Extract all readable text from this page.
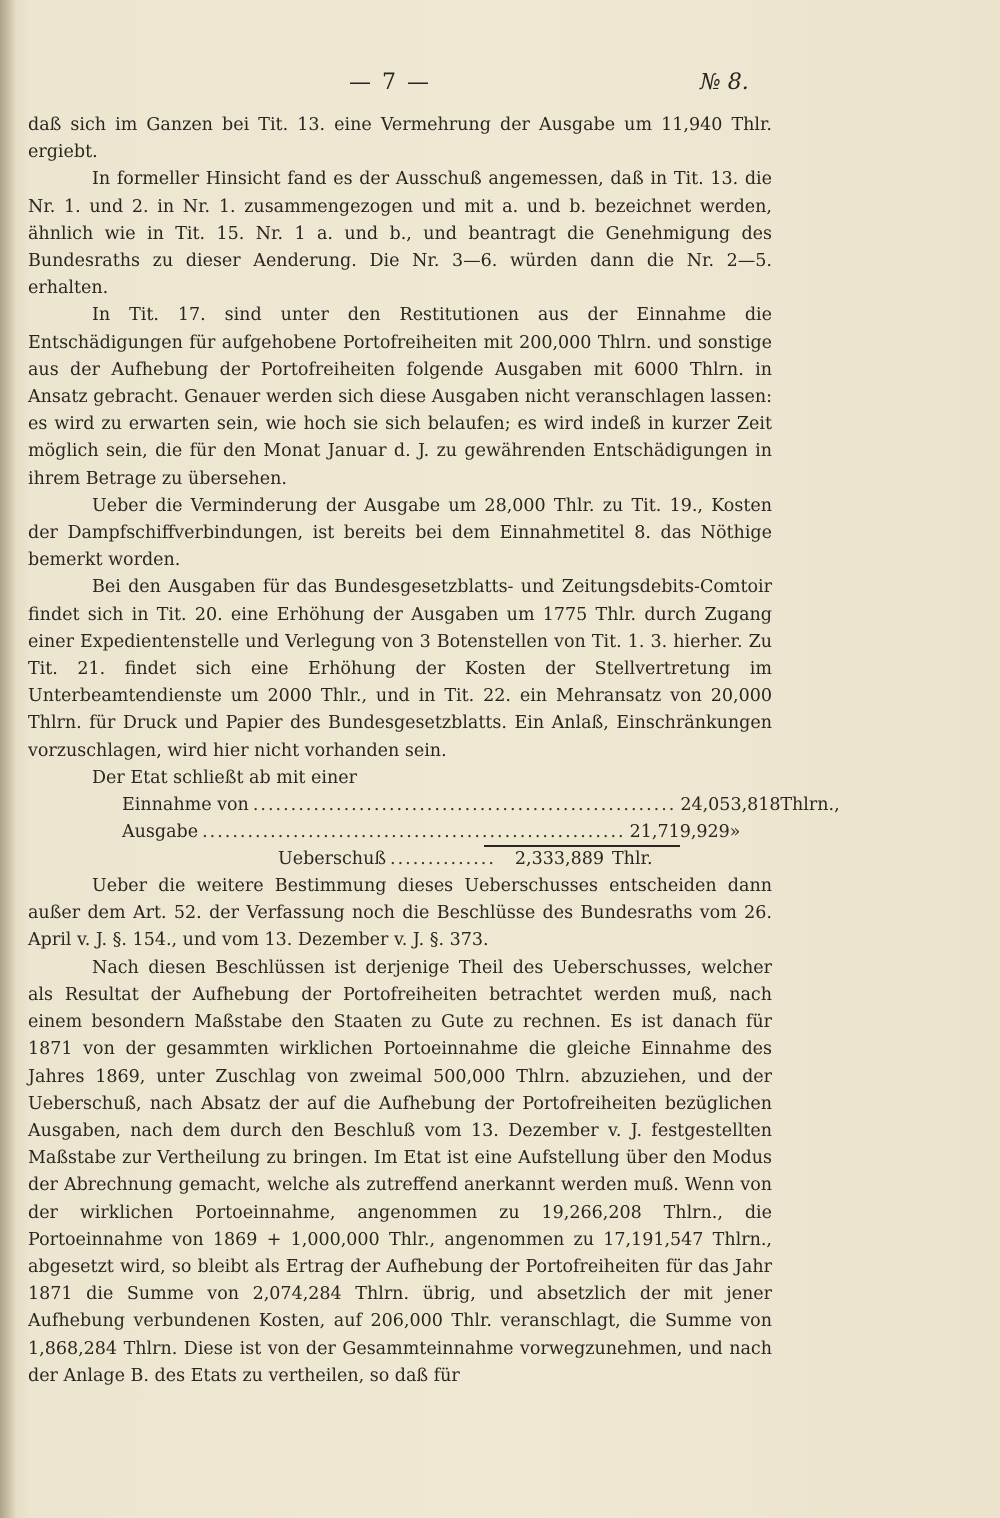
— 7 —	№ 8.

daß sich im Ganzen bei Tit. 13. eine Vermehrung der Ausgabe um 11,940 Thlr. ergiebt.

In formeller Hinsicht fand es der Ausschuß angemessen, daß in Tit. 13. die Nr. 1. und 2. in Nr. 1. zusammengezogen und mit a. und b. bezeichnet werden, ähnlich wie in Tit. 15. Nr. 1 a. und b., und beantragt die Genehmigung des Bundesraths zu dieser Aenderung. Die Nr. 3—6. würden dann die Nr. 2—5. erhalten.

In Tit. 17. sind unter den Restitutionen aus der Einnahme die Entschädigungen für aufgehobene Portofreiheiten mit 200,000 Thlrn. und sonstige aus der Aufhebung der Portofreiheiten folgende Ausgaben mit 6000 Thlrn. in Ansatz gebracht. Genauer werden sich diese Ausgaben nicht veranschlagen lassen: es wird zu erwarten sein, wie hoch sie sich belaufen; es wird indeß in kurzer Zeit möglich sein, die für den Monat Januar d. J. zu gewährenden Entschädigungen in ihrem Betrage zu übersehen.

Ueber die Verminderung der Ausgabe um 28,000 Thlr. zu Tit. 19., Kosten der Dampfschiffverbindungen, ist bereits bei dem Einnahmetitel 8. das Nöthige bemerkt worden.

Bei den Ausgaben für das Bundesgesetzblatts- und Zeitungsdebits-Comtoir findet sich in Tit. 20. eine Erhöhung der Ausgaben um 1775 Thlr. durch Zugang einer Expedientenstelle und Verlegung von 3 Botenstellen von Tit. 1. 3. hierher. Zu Tit. 21. findet sich eine Erhöhung der Kosten der Stellvertretung im Unterbeamtendienste um 2000 Thlr., und in Tit. 22. ein Mehransatz von 20,000 Thlrn. für Druck und Papier des Bundesgesetzblatts. Ein Anlaß, Einschränkungen vorzuschlagen, wird hier nicht vorhanden sein.

Der Etat schließt ab mit einer

Einnahme von ........................................................ 24,053,818 Thlrn.,
Ausgabe ........................................................ 21,719,929 »
Ueberschuß ..............	2,333,889 Thlr.

Ueber die weitere Bestimmung dieses Ueberschusses entscheiden dann außer dem Art. 52. der Verfassung noch die Beschlüsse des Bundesraths vom 26. April v. J. §. 154., und vom 13. Dezember v. J. §. 373.

Nach diesen Beschlüssen ist derjenige Theil des Ueberschusses, welcher als Resultat der Aufhebung der Portofreiheiten betrachtet werden muß, nach einem besondern Maßstabe den Staaten zu Gute zu rechnen. Es ist danach für 1871 von der gesammten wirklichen Portoeinnahme die gleiche Einnahme des Jahres 1869, unter Zuschlag von zweimal 500,000 Thlrn. abzuziehen, und der Ueberschuß, nach Absatz der auf die Aufhebung der Portofreiheiten bezüglichen Ausgaben, nach dem durch den Beschluß vom 13. Dezember v. J. festgestellten Maßstabe zur Vertheilung zu bringen. Im Etat ist eine Aufstellung über den Modus der Abrechnung gemacht, welche als zutreffend anerkannt werden muß. Wenn von der wirklichen Portoeinnahme, angenommen zu 19,266,208 Thlrn., die Portoeinnahme von 1869 + 1,000,000 Thlr., angenommen zu 17,191,547 Thlrn., abgesetzt wird, so bleibt als Ertrag der Aufhebung der Portofreiheiten für das Jahr 1871 die Summe von 2,074,284 Thlrn. übrig, und absetzlich der mit jener Aufhebung verbundenen Kosten, auf 206,000 Thlr. veranschlagt, die Summe von 1,868,284 Thlrn. Diese ist von der Gesammteinnahme vorwegzunehmen, und nach der Anlage B. des Etats zu vertheilen, so daß für
